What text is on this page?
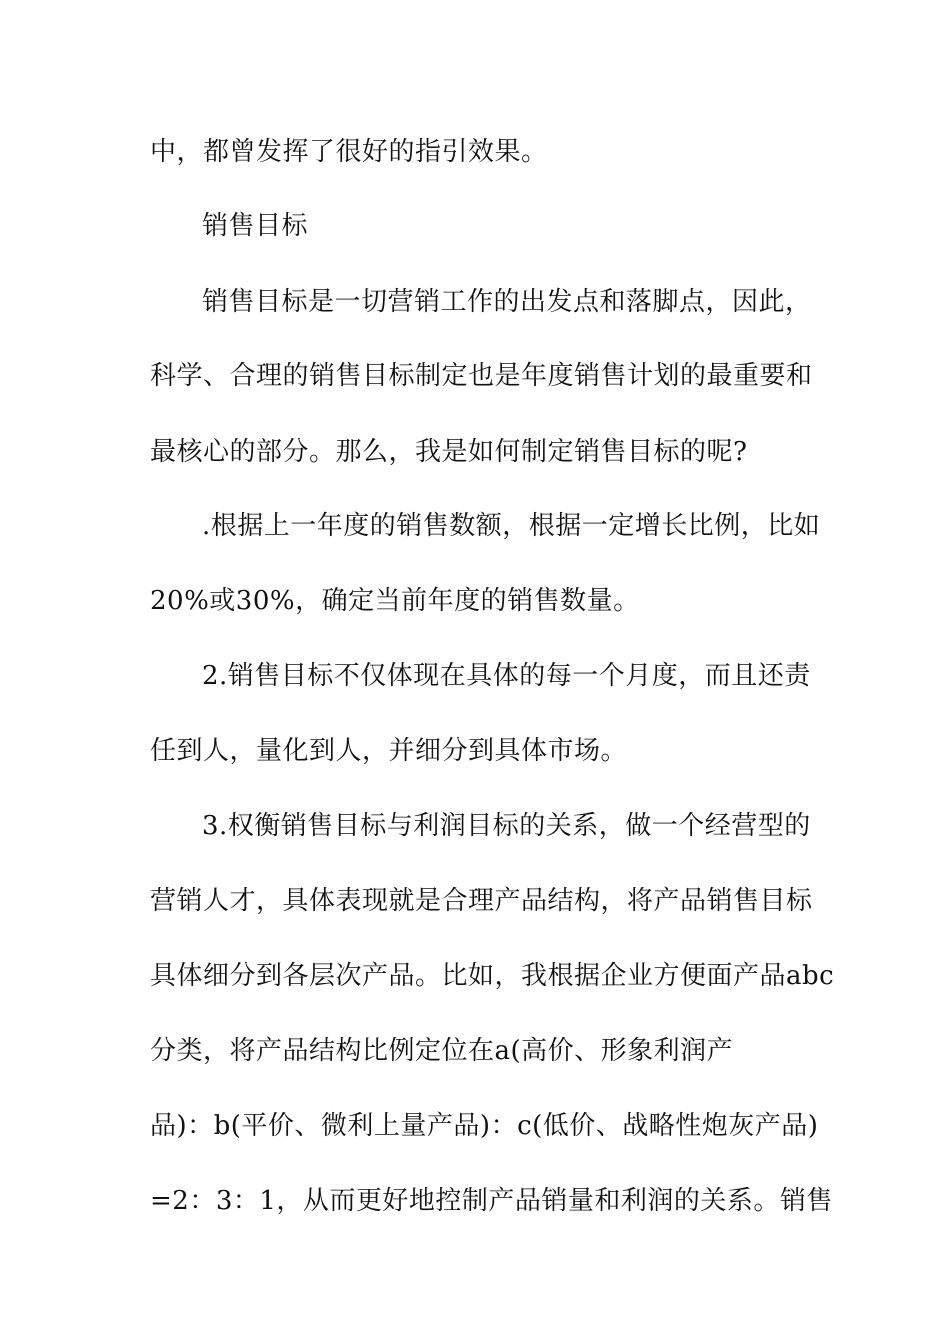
中，都曾发挥了很好的指引效果。
销售目标
销售目标是一切营销工作的出发点和落脚点，因此，
科学、合理的销售目标制定也是年度销售计划的最重要和
最核心的部分。那么，我是如何制定销售目标的呢?
.根据上一年度的销售数额，根据一定增长比例，比如
20%或30%，确定当前年度的销售数量。
2.销售目标不仅体现在具体的每一个月度，而且还责
任到人，量化到人，并细分到具体市场。
3.权衡销售目标与利润目标的关系，做一个经营型的
营销人才，具体表现就是合理产品结构，将产品销售目标
具体细分到各层次产品。比如，我根据企业方便面产品abc
分类，将产品结构比例定位在a(高价、形象利润产
品)：b(平价、微利上量产品)：c(低价、战略性炮灰产品)
=2：3：1，从而更好地控制产品销量和利润的关系。销售
